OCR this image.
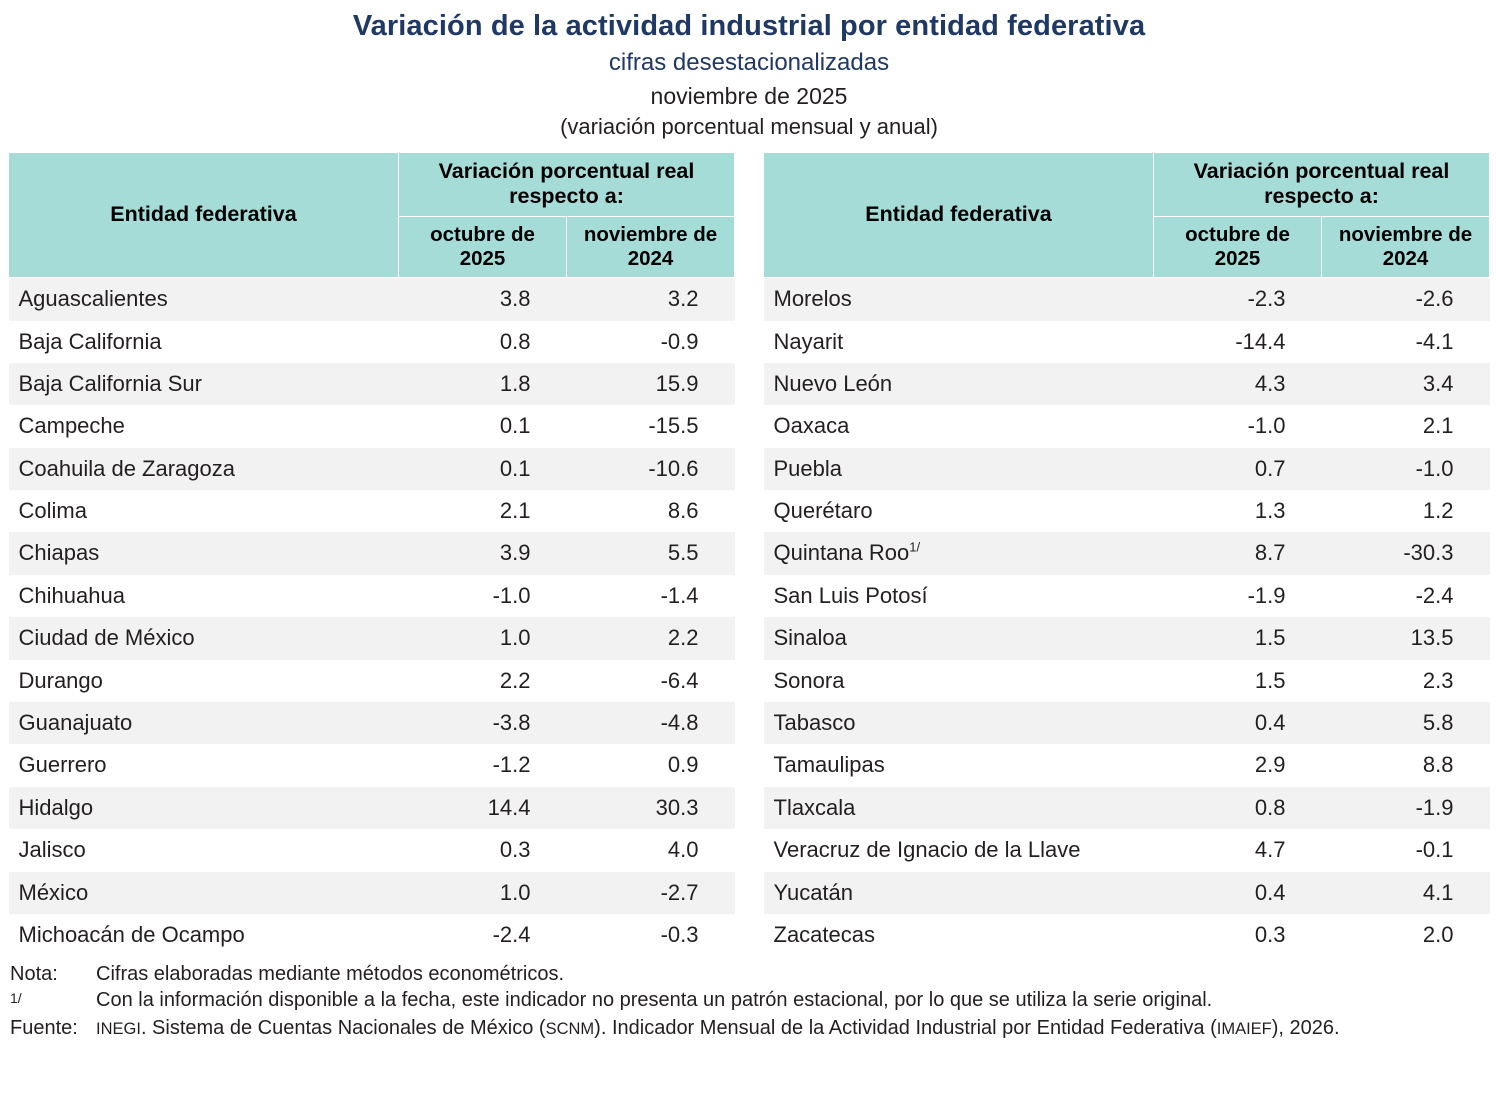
Variación de la actividad industrial por entidad federativa
cifras desestacionalizadas
noviembre de 2025
(variación porcentual mensual y anual)
Entidad federativa	Variación porcentual real respecto a:	
	octubre de 2025	noviembre de 2024
Aguascalientes	3.8	3.2
Baja California	0.8	-0.9
Baja California Sur	1.8	15.9
Campeche	0.1	-15.5
Coahuila de Zaragoza	0.1	-10.6
Colima	2.1	8.6
Chiapas	3.9	5.5
Chihuahua	-1.0	-1.4
Ciudad de México	1.0	2.2
Durango	2.2	-6.4
Guanajuato	-3.8	-4.8
Guerrero	-1.2	0.9
Hidalgo	14.4	30.3
Jalisco	0.3	4.0
México	1.0	-2.7
Michoacán de Ocampo	-2.4	-0.3
Entidad federativa	Variación porcentual real respecto a:	
	octubre de 2025	noviembre de 2024
Morelos	-2.3	-2.6
Nayarit	-14.4	-4.1
Nuevo León	4.3	3.4
Oaxaca	-1.0	2.1
Puebla	0.7	-1.0
Querétaro	1.3	1.2
Quintana Roo$^{1/}$	8.7	-30.3
San Luis Potosí	-1.9	-2.4
Sinaloa	1.5	13.5
Sonora	1.5	2.3
Tabasco	0.4	5.8
Tamaulipas	2.9	8.8
Tlaxcala	0.8	-1.9
Veracruz de Ignacio de la Llave	4.7	-0.1
Yucatán	0.4	4.1
Zacatecas	0.3	2.0
Nota:	Cifras elaboradas mediante métodos econométricos.
1/	Con la información disponible a la fecha, este indicador no presenta un patrón estacional, por lo que se utiliza la serie original.
Fuente:	INEGI. Sistema de Cuentas Nacionales de México (SCNM). Indicador Mensual de la Actividad Industrial por Entidad Federativa (IMAIEF), 2026.
